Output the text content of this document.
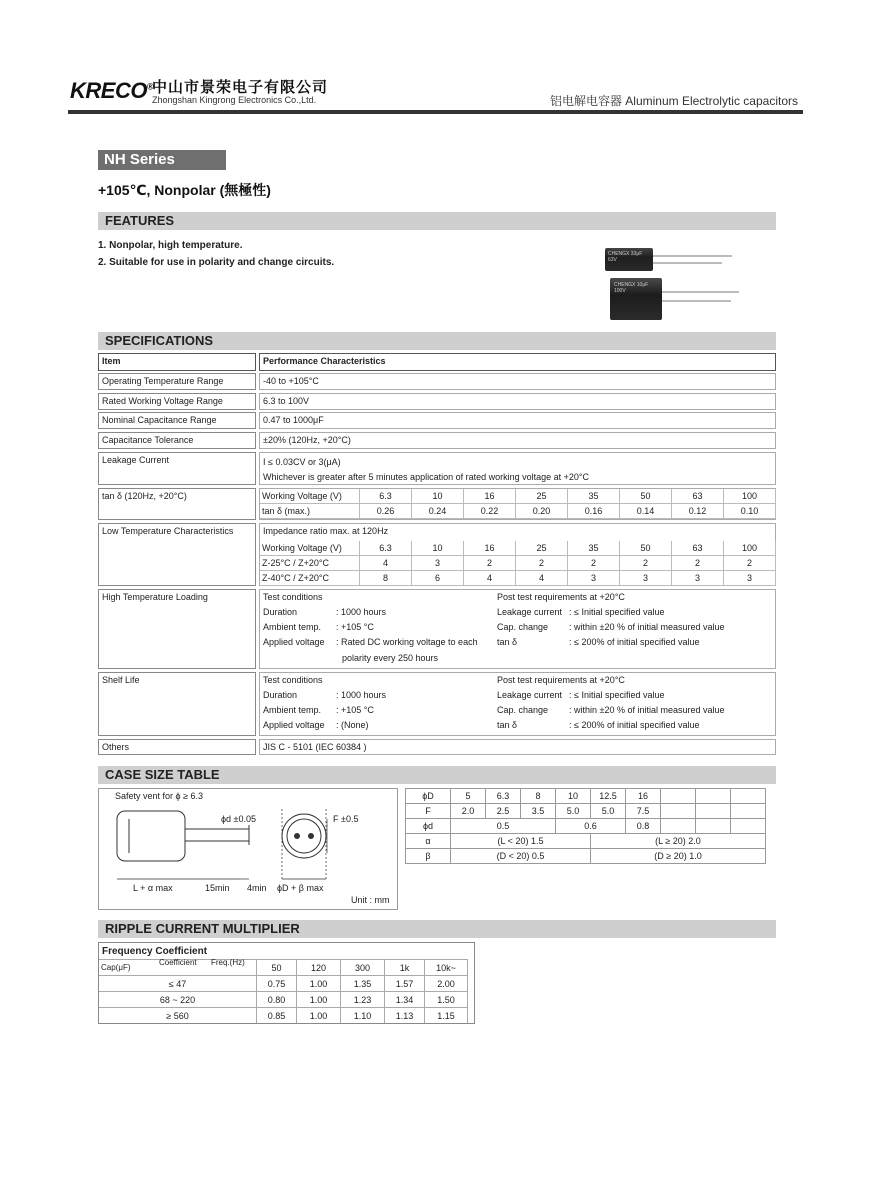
KRECO®
中山市景荣电子有限公司
Zhongshan Kingrong Electronics Co.,Ltd.	铝电解电容器 Aluminum Electrolytic capacitors
NH Series
+105℃, Nonpolar (無極性)
FEATURES
1. Nonpolar, high temperature.
2. Suitable for use in polarity and change circuits.
CHENGX 33μF 63V
CHENGX 10μF 100V
SPECIFICATIONS
Item	Performance Characteristics
Operating Temperature Range	-40 to +105°C
Rated Working Voltage Range	6.3 to 100V
Nominal Capacitance Range	0.47 to 1000μF
Capacitance Tolerance	±20% (120Hz, +20°C)
Leakage Current	I ≤ 0.03CV or 3(μA)
Whichever is greater after 5 minutes application of rated working voltage at +20°C
tan δ (120Hz, +20°C)	Working Voltage (V)	6.3	10	16	25	35	50	63	100
tan δ (max.)	0.26	0.24	0.22	0.20	0.16	0.14	0.12	0.10
Low Temperature Characteristics	Impedance ratio max. at 120Hz
Working Voltage (V)	6.3	10	16	25	35	50	63	100
Z-25°C / Z+20°C	4	3	2	2	2	2	2	2
Z-40°C / Z+20°C	8	6	4	4	3	3	3	3
High Temperature Loading	Test conditions
Duration	: 1000 hours
Ambient temp. : +105 °C
Applied voltage : Rated DC working voltage to each
polarity every 250 hours
Post test requirements at +20°C
Leakage current : ≤ Initial specified value
Cap. change : within ±20 % of initial measured value
tan δ	: ≤ 200% of initial specified value
Shelf Life	Test conditions
Duration	: 1000 hours
Ambient temp. : +105 °C
Applied voltage : (None)
Post test requirements at +20°C
Leakage current : ≤ Initial specified value
Cap. change : within ±20 % of initial measured value
tan δ	: ≤ 200% of initial specified value
Others	JIS C - 5101 (IEC 60384 )
CASE SIZE TABLE
Safety vent for ϕ ≥ 6.3
ϕd ±0.05	F ±0.5
L + α max	15min 4min ϕD + β max
Unit : mm
ϕD	5	6.3	8	10	12.5	16
F	2.0	2.5	3.5	5.0	5.0	7.5
ϕd	0.5	0.6	0.8
α	(L < 20) 1.5	(L ≥ 20) 2.0
β	(D < 20) 0.5	(D ≥ 20) 1.0
RIPPLE CURRENT MULTIPLIER
Frequency Coefficient
Cap(μF)
Coefficient Freq.(Hz)
50	120	300	1k	10k~
≤ 47	0.75	1.00	1.35	1.57	2.00
68 ~ 220	0.80	1.00	1.23	1.34	1.50
≥ 560	0.85	1.00	1.10	1.13	1.15
